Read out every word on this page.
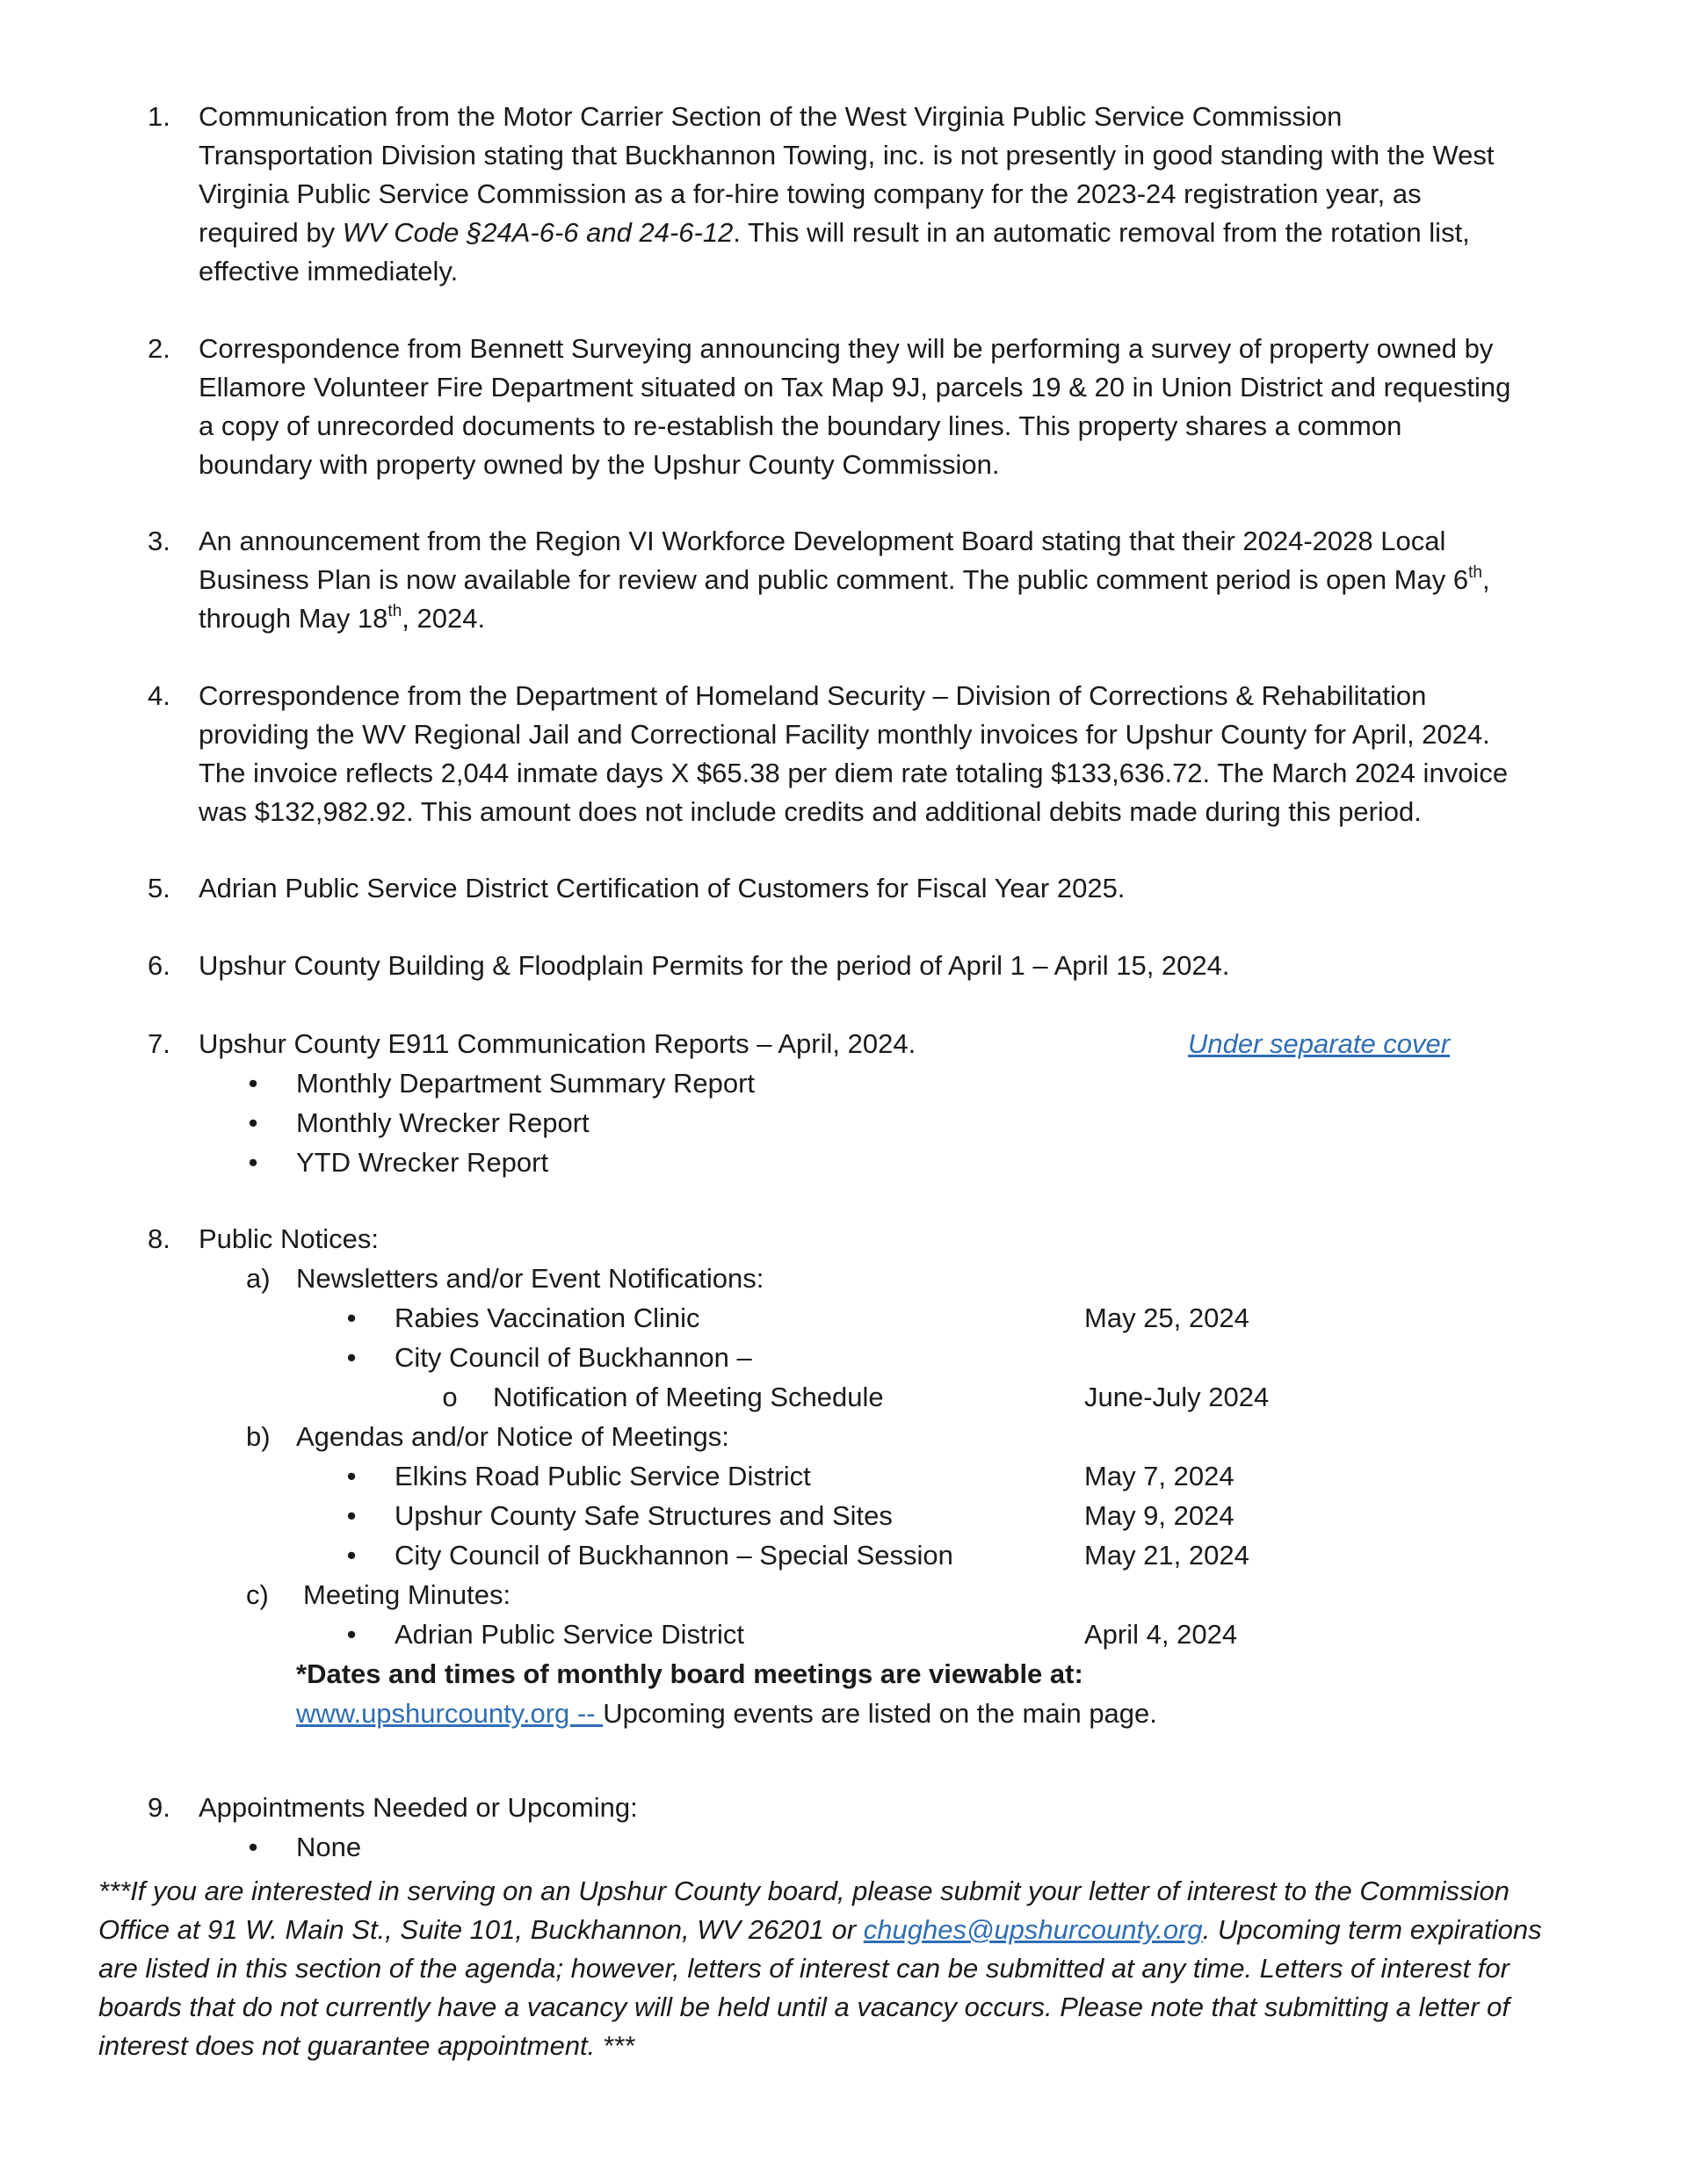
1.	Communication from the Motor Carrier Section of the West Virginia Public Service Commission
Transportation Division stating that Buckhannon Towing, inc. is not presently in good standing with the West
Virginia Public Service Commission as a for-hire towing company for the 2023-24 registration year, as
required by WV Code §24A-6-6 and 24-6-12. This will result in an automatic removal from the rotation list,
effective immediately.
2.	Correspondence from Bennett Surveying announcing they will be performing a survey of property owned by
Ellamore Volunteer Fire Department situated on Tax Map 9J, parcels 19 & 20 in Union District and requesting
a copy of unrecorded documents to re-establish the boundary lines. This property shares a common
boundary with property owned by the Upshur County Commission.
3.	An announcement from the Region VI Workforce Development Board stating that their 2024-2028 Local
Business Plan is now available for review and public comment. The public comment period is open May 6th,
through May 18th, 2024.
4.	Correspondence from the Department of Homeland Security – Division of Corrections & Rehabilitation
providing the WV Regional Jail and Correctional Facility monthly invoices for Upshur County for April, 2024.
The invoice reflects 2,044 inmate days X $65.38 per diem rate totaling $133,636.72. The March 2024 invoice
was $132,982.92. This amount does not include credits and additional debits made during this period.
5.	Adrian Public Service District Certification of Customers for Fiscal Year 2025.
6.	Upshur County Building & Floodplain Permits for the period of April 1 – April 15, 2024.
7.	Upshur County E911 Communication Reports – April, 2024.	Under separate cover
• Monthly Department Summary Report
• Monthly Wrecker Report
• YTD Wrecker Report
8.	Public Notices:
a) Newsletters and/or Event Notifications:
• Rabies Vaccination Clinic	May 25, 2024
• City Council of Buckhannon –
o Notification of Meeting Schedule	June-July 2024
b) Agendas and/or Notice of Meetings:
• Elkins Road Public Service District	May 7, 2024
• Upshur County Safe Structures and Sites	May 9, 2024
• City Council of Buckhannon – Special Session	May 21, 2024
c) Meeting Minutes:
• Adrian Public Service District	April 4, 2024
*Dates and times of monthly board meetings are viewable at:
www.upshurcounty.org -- Upcoming events are listed on the main page.
9.	Appointments Needed or Upcoming:
• None
***If you are interested in serving on an Upshur County board, please submit your letter of interest to the Commission
Office at 91 W. Main St., Suite 101, Buckhannon, WV 26201 or chughes@upshurcounty.org. Upcoming term expirations
are listed in this section of the agenda; however, letters of interest can be submitted at any time. Letters of interest for
boards that do not currently have a vacancy will be held until a vacancy occurs. Please note that submitting a letter of
interest does not guarantee appointment. ***
